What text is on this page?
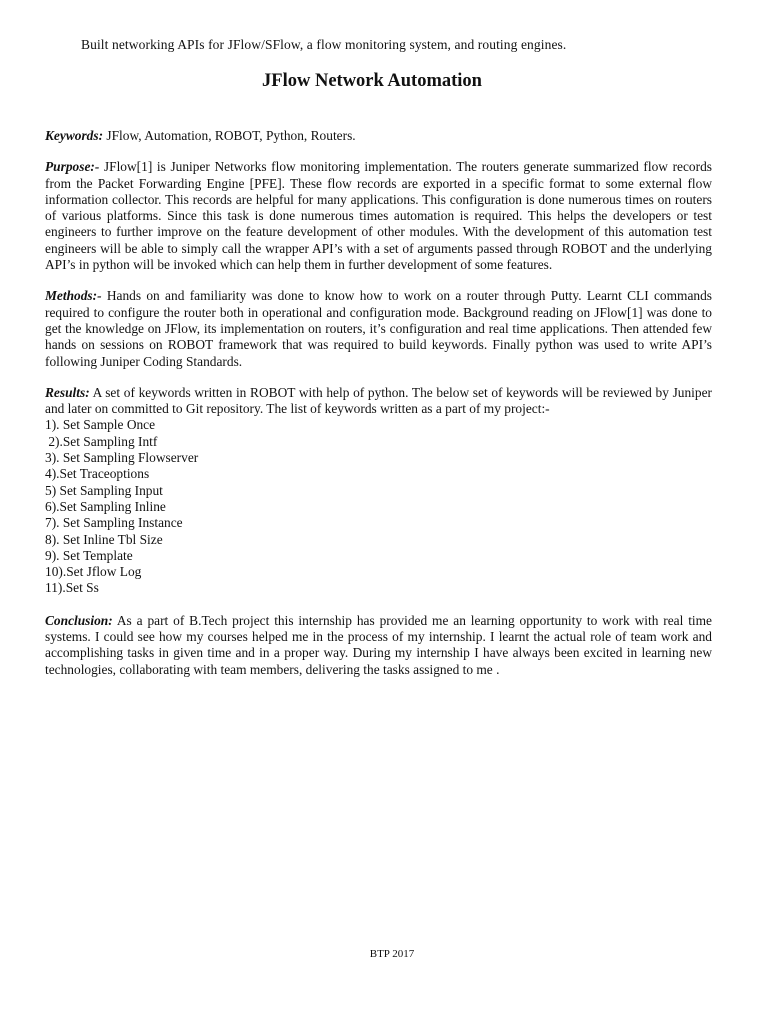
Built networking APIs for JFlow/SFlow, a flow monitoring system, and routing engines.
JFlow Network Automation

Keywords: JFlow, Automation, ROBOT, Python, Routers.

Purpose:- JFlow[1] is Juniper Networks flow monitoring implementation. The routers generate summarized flow records from the Packet Forwarding Engine [PFE]. These flow records are exported in a specific format to some external flow information collector. This records are helpful for many applications. This configuration is done numerous times on routers of various platforms. Since this task is done numerous times automation is required. This helps the developers or test engineers to further improve on the feature development of other modules. With the development of this automation test engineers will be able to simply call the wrapper API’s with a set of arguments passed through ROBOT and the underlying API’s in python will be invoked which can help them in further development of some features.

Methods:- Hands on and familiarity was done to know how to work on a router through Putty. Learnt CLI commands required to configure the router both in operational and configuration mode. Background reading on JFlow[1] was done to get the knowledge on JFlow, its implementation on routers, it’s configuration and real time applications. Then attended few hands on sessions on ROBOT framework that was required to build keywords. Finally python was used to write API’s following Juniper Coding Standards.

Results: A set of keywords written in ROBOT with help of python. The below set of keywords will be reviewed by Juniper and later on committed to Git repository. The list of keywords written as a part of my project:-

1). Set Sample Once
2).Set Sampling Intf
3). Set Sampling Flowserver
4).Set Traceoptions
5) Set Sampling Input
6).Set Sampling Inline
7). Set Sampling Instance
8). Set Inline Tbl Size
9). Set Template
10).Set Jflow Log
11).Set Ss

Conclusion: As a part of B.Tech project this internship has provided me an learning opportunity to work with real time systems. I could see how my courses helped me in the process of my internship. I learnt the actual role of team work and accomplishing tasks in given time and in a proper way. During my internship I have always been excited in learning new technologies, collaborating with team members, delivering the tasks assigned to me .

BTP 2017
